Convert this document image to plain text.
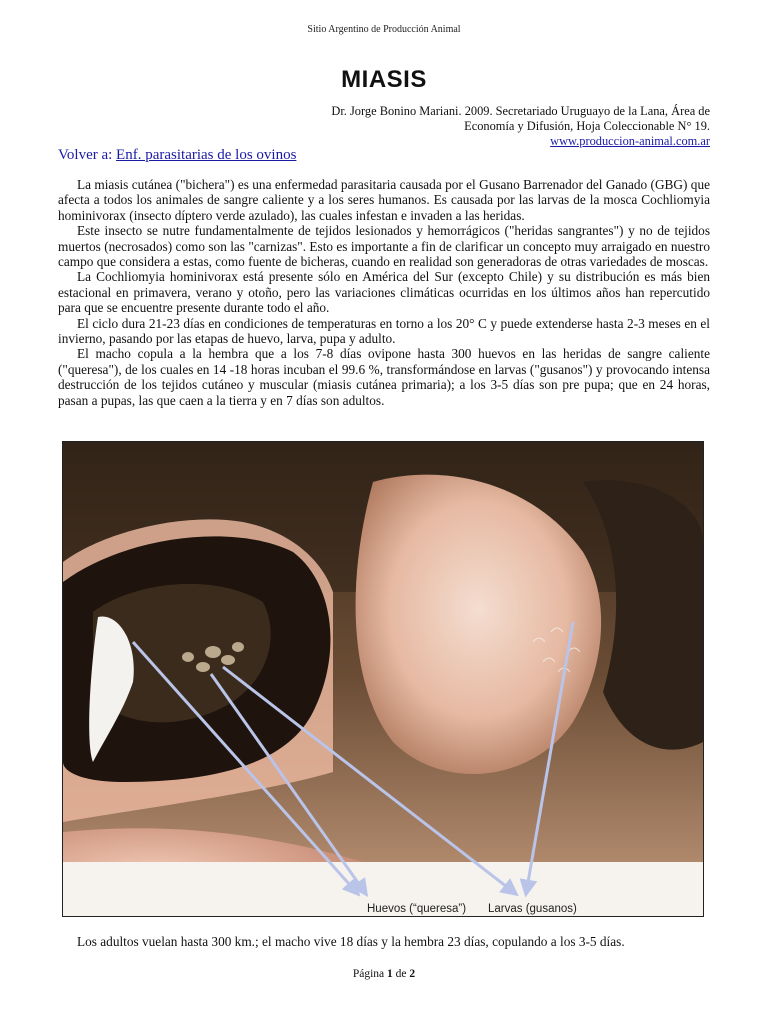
Sitio Argentino de Producción Animal
MIASIS
Dr. Jorge Bonino Mariani. 2009. Secretariado Uruguayo de la Lana, Área de
Economía y Difusión, Hoja Coleccionable N° 19.
www.produccion-animal.com.ar
Volver a: Enf. parasitarias de los ovinos

La miasis cutánea ("bichera") es una enfermedad parasitaria causada por el Gusano Barrenador del Ganado (GBG) que afecta a todos los animales de sangre caliente y a los seres humanos. Es causada por las larvas de la mosca Cochliomyia hominivorax (insecto díptero verde azulado), las cuales infestan e invaden a las heridas.

Este insecto se nutre fundamentalmente de tejidos lesionados y hemorrágicos ("heridas sangrantes") y no de tejidos muertos (necrosados) como son las "carnizas". Esto es importante a fin de clarificar un concepto muy arraigado en nuestro campo que considera a estas, como fuente de bicheras, cuando en realidad son generadoras de otras variedades de moscas.

La Cochliomyia hominivorax está presente sólo en América del Sur (excepto Chile) y su distribución es más bien estacional en primavera, verano y otoño, pero las variaciones climáticas ocurridas en los últimos años han repercutido para que se encuentre presente durante todo el año.

El ciclo dura 21-23 días en condiciones de temperaturas en torno a los 20° C y puede extenderse hasta 2-3 meses en el invierno, pasando por las etapas de huevo, larva, pupa y adulto.

El macho copula a la hembra que a los 7-8 días ovipone hasta 300 huevos en las heridas de sangre caliente ("queresa"), de los cuales en 14 -18 horas incuban el 99.6 %, transformándose en larvas ("gusanos") y provocando intensa destrucción de los tejidos cutáneo y muscular (miasis cutánea primaria); a los 3-5 días son pre pupa; que en 24 horas, pasan a pupas, las que caen a la tierra y en 7 días son adultos.

Huevos (“queresa”) Larvas (gusanos)
Los adultos vuelan hasta 300 km.; el macho vive 18 días y la hembra 23 días, copulando a los 3-5 días.
Página 1 de 2
